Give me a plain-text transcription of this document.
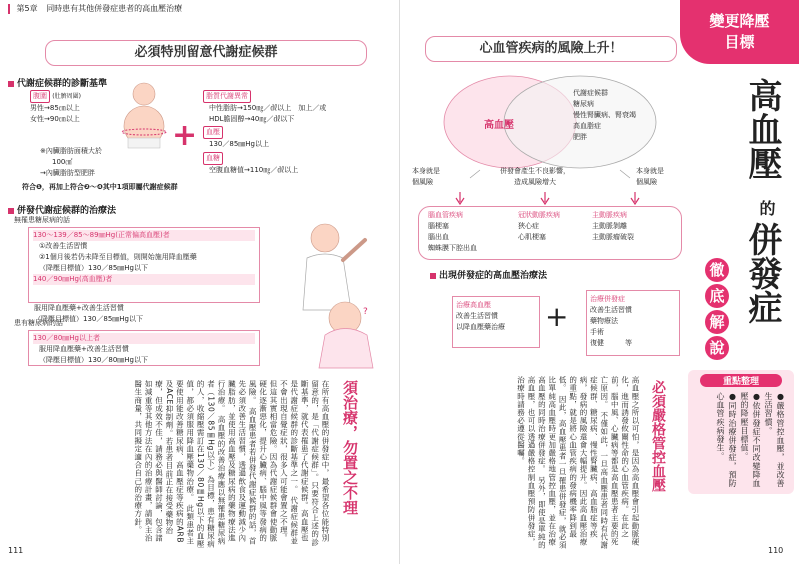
第5章 同時患有其他併發症患者的高血壓治療
必須特別留意代謝症候群
代謝症候群的診斷基準
腹圍 (肚臍周圍)
男性→85㎝以上
女性→90㎝以上
※內臟脂肪面積大於
100㎠
→內臟脂肪型肥胖
+
脂質代謝異常
中性脂肪→150㎎／㎗以上　加上／或
HDL膽固醇→40㎎／㎗以下
血壓
130／85㎜Hg以上
血糖
空腹血糖值→110㎎／㎗以上
符合❶，再加上符合❷～❹其中1項即屬代謝症候群
併發代謝症候群的治療法
無罹患糖尿病的話
130～139／85～89㎜Hg(正常偏高血壓)者
①改善生活習慣
②1個月後若仍未降至目標值，則開始施用降血壓藥
（降壓目標值）130／85㎜Hg以下
140／90㎜Hg(高血壓)者
服用降血壓藥+改善生活習慣
（降壓目標值）130／85㎜Hg以下
患有糖尿病的話
130／80㎜Hg以上者
服用降血壓藥+改善生活習慣
（降壓目標值）130／80㎜Hg以下
?
須治療，勿置之不理
在所有高血壓的併發症中，最希望各位能特別留意的，是「代謝症候群」。只要符合上述的診斷基準，就代表罹患了代謝症候群。高血壓也是代謝症候群的診斷基準之一。 代謝症候群並不會出現自覺症狀，很多人可能會置之不理。但這其實相當危險。因為代謝症候群會使動脈硬化逐漸惡化，提升心臟病、腦中風等發病的風險。 高血壓患者若併發代謝症候群的話，首先必須改善生活習慣，透過飲食及運動減少內臟脂肪，並使用高血壓及糖尿病的藥物療法進行治療。 高血壓的改善治療應以無罹患糖尿病者（130／85㎜Hg以下）為目標，患有糖尿病的人，收縮壓需訂在130／80㎜Hg以下的血壓值，都必須服用降血壓藥物治療。 此類患者主要使用能改善糖尿病、高血壓症等疾病的ARB及ACE抑制劑。若患者目前正在接受藥物治療，但成效不佳，請務必與醫師討論，包含諸如減重等其他方法在內的治療計畫，請與主治醫生商量，共同擬定適合自己的治療方針。
111
心血管疾病的風險上升！
高血壓
代謝症候群
糖尿病
慢性腎臟病、腎衰竭
高血脂症
肥胖
本身就是
個風險
本身就是
個風險
併發會產生不良影響，
造成風險增大
腦血管疾病
腦梗塞
腦出血
蜘蛛膜下腔出血
冠狀動脈疾病
狹心症
心肌梗塞
主動脈疾病
主動脈剝離
主動脈瘤破裂
出現併發症的高血壓治療法
治療高血壓
改善生活習慣
以降血壓藥治療	+
治療併發症
改善生活習慣
藥物療法
手術
復健　　　等
必須嚴格管控血壓
高血壓之所以可怕，是因為高血壓會引起動脈硬化，進而誘發攸關性命的心血管疾病。在此之前，腦中風、心臟病等都是高血壓患者主要的死亡原因。 不僅如此，一旦高血壓患者同時有代謝症候群、糖尿病、慢性腎臟病、高血脂症等疾病，發病的風險還會大幅提升。因此高血壓治療的重點，就是將心血管疾病的發病機率降到最低。 因此，高血壓患者一旦罹患併發症，就必須比單純高血壓時更加嚴格地管控血壓，並在治療高血壓的同時治療併發症。 另外，即使是單純的高血壓，也可以透過嚴格控制血壓預防併發症，治療時請務必遵從醫囑。
110
變更降壓
目標
高血壓
的
併發症
徹
底
解
說
重點整理
●嚴格管控血壓，並改善生活習慣。
●依併發症不同改變降血壓的降壓目標值。
●同時治療併發症，預防心血管疾病發生。
